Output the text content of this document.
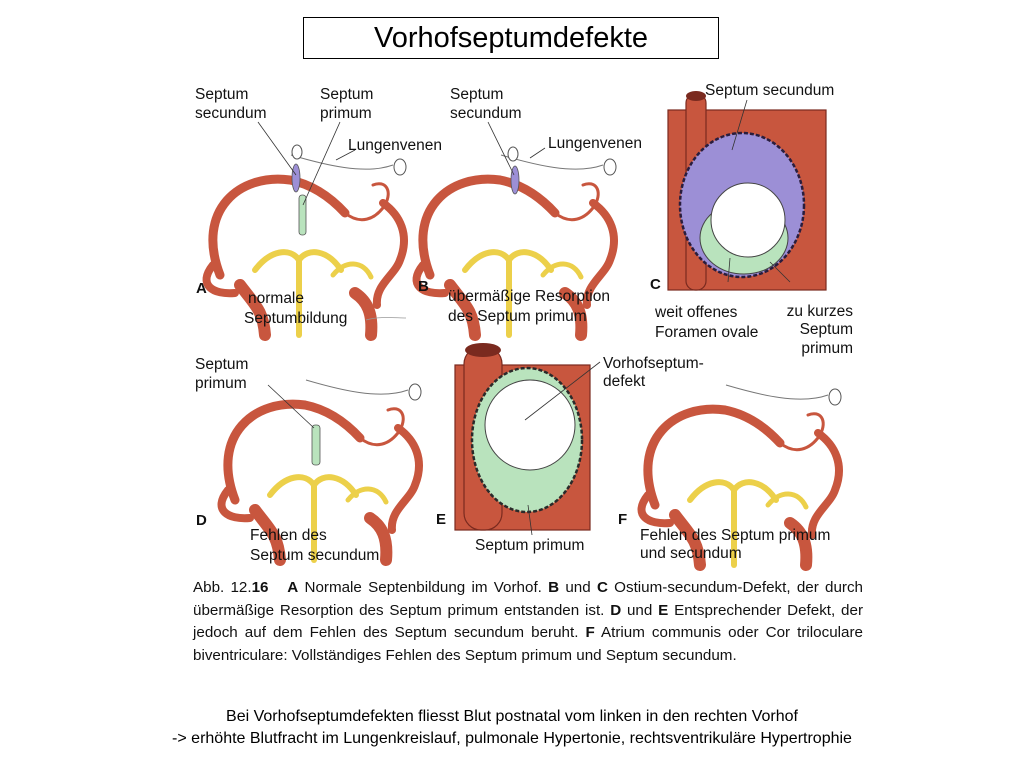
Vorhofseptumdefekte
Septum
secundum
Septum
primum
Lungenvenen
A
normale
Septumbildung
Septum
secundum
Lungenvenen
B
übermäßige Resorption
des Septum primum
Septum secundum
C
weit offenes
Foramen ovale
zu kurzes
Septum
primum
Septum
primum
D
Fehlen des
Septum secundum
Vorhofseptum-
defekt
E
Septum primum
F
Fehlen des Septum primum
und secundum

Abb. 12.16 A Normale Septenbildung im Vorhof. B und C Ostium-secundum-Defekt, der durch übermäßige Resorption des Septum primum entstanden ist. D und E Entsprechender Defekt, der jedoch auf dem Fehlen des Septum secundum beruht. F Atrium communis oder Cor triloculare biventriculare: Vollständiges Fehlen des Septum primum und Septum secundum.

Bei Vorhofseptumdefekten fliesst Blut postnatal vom linken in den rechten Vorhof
-> erhöhte Blutfracht im Lungenkreislauf, pulmonale Hypertonie, rechtsventrikuläre Hypertrophie
